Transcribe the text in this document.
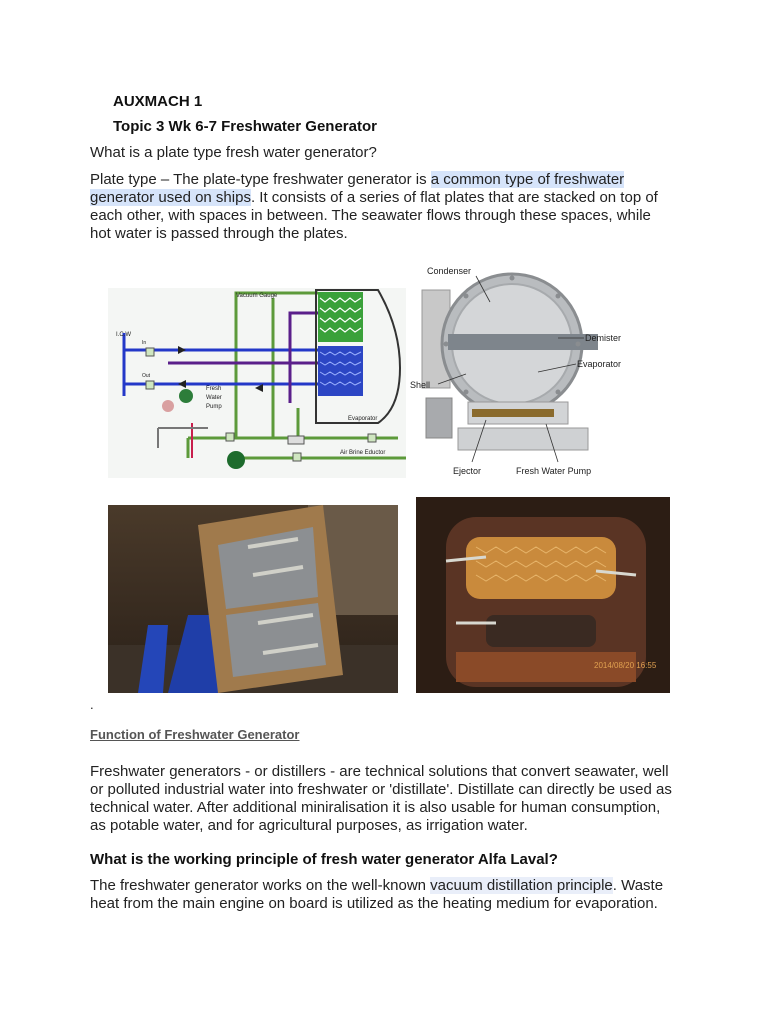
AUXMACH 1
Topic 3 Wk 6-7 Freshwater Generator
What is a plate type fresh water generator?
Plate type – The plate-type freshwater generator is a common type of freshwater
generator used on ships. It consists of a series of flat plates that are stacked on top of
each other, with spaces in between. The seawater flows through these spaces, while
hot water is passed through the plates.
Vacuum Gauge
I.C.W
In
Out
Fresh
Water
Pump
Evaporator
Air Brine Eductor
Condenser
Demister
Evaporator
Shell
Ejector	Fresh Water Pump
2014/08/20 16:55
.
Function of Freshwater Generator
Freshwater generators - or distillers - are technical solutions that convert seawater, well
or polluted industrial water into freshwater or 'distillate'. Distillate can directly be used as
technical water. After additional miniralisation it is also usable for human consumption,
as potable water, and for agricultural purposes, as irrigation water.
What is the working principle of fresh water generator Alfa Laval?
The freshwater generator works on the well-known vacuum distillation principle. Waste
heat from the main engine on board is utilized as the heating medium for evaporation.
